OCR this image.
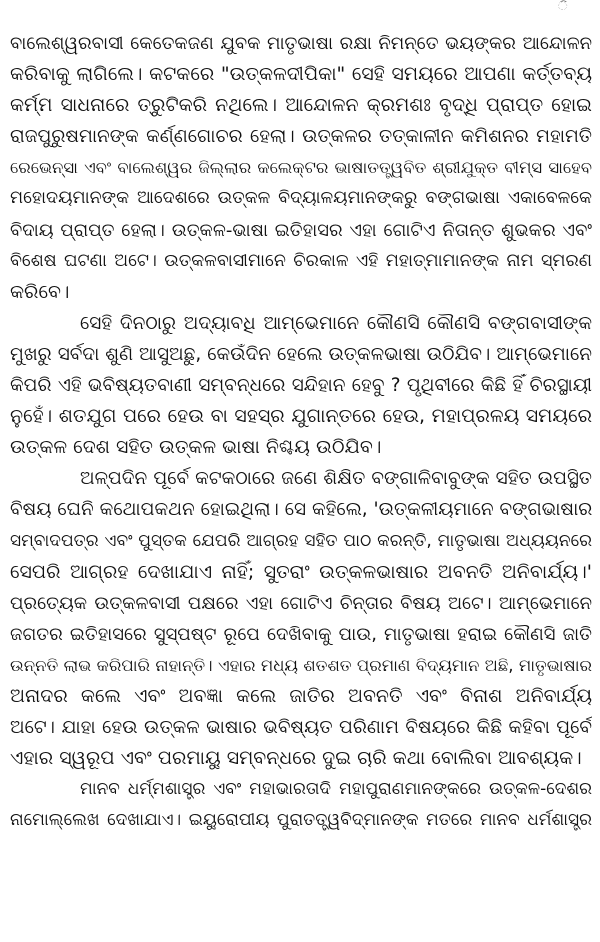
ି
ବାଲେଶ୍ୱରବାସୀ କେତେକଜଣ ଯୁବକ ମାତୃଭାଷା ରକ୍ଷା ନିମନ୍ତେ ଭୟଙ୍କର ଆନ୍ଦୋଳନ
କରିବାକୁ ଲାଗିଲେ। କଟକରେ "ଉତ୍କଳଦୀପିକା" ସେହି ସମୟରେ ଆପଣା କର୍ତ୍ତବ୍ୟ
କର୍ମ୍ମ ସାଧନାରେ ତ୍ରୁଟିକରି ନଥିଲେ। ଆନ୍ଦୋଳନ କ୍ରମଶଃ ବୃଦ୍ଧି ପ୍ରାପ୍ତ ହୋଇ
ରାଜପୁରୁଷମାନଙ୍କ କର୍ଣ୍ଣଗୋଚର ହେଲା। ଉତ୍କଳର ତତ୍କାଳୀନ କମିଶନର ମହାମତି
ରେଭେନ୍ସା ଏବଂ ବାଲେଶ୍ୱର ଜିଲ୍ଲାର କଲେକ୍ଟର ଭାଷାତତ୍ତ୍ୱବିତ ଶ୍ରୀଯୁକ୍ତ ବୀମ୍‌ସ ସାହେବ
ମହୋଦୟମାନଙ୍କ ଆଦେଶରେ ଉତ୍କଳ ବିଦ୍ୟାଳୟମାନଙ୍କରୁ ବଙ୍ଗଭାଷା ଏକାବେଳକେ
ବିଦାୟ ପ୍ରାପ୍ତ ହେଲା। ଉତ୍କଳ-ଭାଷା ଇତିହାସର ଏହା ଗୋଟିଏ ନିତାନ୍ତ ଶୁଭକର ଏବଂ
ବିଶେଷ ଘଟଣା ଅଟେ। ଉତ୍କଳବାସୀମାନେ ଚିରକାଳ ଏହି ମହାତ୍ମାମାନଙ୍କ ନାମ ସ୍ମରଣ
କରିବେ।
ସେହି ଦିନଠାରୁ ଅଦ୍ୟାବଧି ଆମ୍ଭେମାନେ କୌଣସି କୌଣସି ବଙ୍ଗବାସୀଙ୍କ
ମୁଖରୁ ସର୍ବଦା ଶୁଣି ଆସୁଅଛୁ, କେଉଁଦିନ ହେଲେ ଉତ୍କଳଭାଷା ଉଠିଯିବ। ଆମ୍ଭେମାନେ
କିପରି ଏହି ଭବିଷ୍ୟତବାଣୀ ସମ୍ବନ୍ଧରେ ସନ୍ଦିହାନ ହେବୁ ? ପୃଥିବୀରେ କିଛି ହିଁ ଚିରସ୍ଥାୟୀ
ନୁହେଁ। ଶତଯୁଗ ପରେ ହେଉ ବା ସହସ୍ର ଯୁଗାନ୍ତରେ ହେଉ, ମହାପ୍ରଳୟ ସମୟରେ
ଉତ୍କଳ ଦେଶ ସହିତ ଉତ୍କଳ ଭାଷା ନିଶ୍ଚୟ ଉଠିଯିବ।
ଅଳ୍ପଦିନ ପୂର୍ବେ କଟକଠାରେ ଜଣେ ଶିକ୍ଷିତ ବଙ୍ଗାଳିବାବୁଙ୍କ ସହିତ ଉପସ୍ଥିତ
ବିଷୟ ଘେନି କଥୋପକଥନ ହୋଇଥିଲା। ସେ କହିଲେ, 'ଉତ୍କଳୀୟମାନେ ବଙ୍ଗଭାଷାର
ସମ୍ବାଦପତ୍ର ଏବଂ ପୁସ୍ତକ ଯେପରି ଆଗ୍ରହ ସହିତ ପାଠ କରନ୍ତି, ମାତୃଭାଷା ଅଧ୍ୟୟନରେ
ସେପରି ଆଗ୍ରହ ଦେଖାଯାଏ ନାହିଁ; ସୁତରାଂ ଉତ୍କଳଭାଷାର ଅବନତି ଅନିବାର୍ଯ୍ୟ।'
ପ୍ରତ୍ୟେକ ଉତ୍କଳବାସୀ ପକ୍ଷରେ ଏହା ଗୋଟିଏ ଚିନ୍ତାର ବିଷୟ ଅଟେ। ଆମ୍ଭେମାନେ
ଜଗତର ଇତିହାସରେ ସୁସ୍ପଷ୍ଟ ରୂପେ ଦେଖିବାକୁ ପାଉ, ମାତୃଭାଷା ହରାଇ କୌଣସି ଜାତି
ଉନ୍ନତି ଲାଭ କରିପାରି ନାହାନ୍ତି। ଏହାର ମଧ୍ୟ ଶତଶତ ପ୍ରମାଣ ବିଦ୍ୟମାନ ଅଛି, ମାତୃଭାଷାର
ଅନାଦର କଲେ ଏବଂ ଅବଜ୍ଞା କଲେ ଜାତିର ଅବନତି ଏବଂ ବିନାଶ ଅନିବାର୍ଯ୍ୟ
ଅଟେ। ଯାହା ହେଉ ଉତ୍କଳ ଭାଷାର ଭବିଷ୍ୟତ ପରିଣାମ ବିଷୟରେ କିଛି କହିବା ପୂର୍ବେ
ଏହାର ସ୍ୱରୂପ ଏବଂ ପରମାୟୁ ସମ୍ବନ୍ଧରେ ଦୁଇ ଚାରି କଥା ବୋଲିବା ଆବଶ୍ୟକ।
ମାନବ ଧର୍ମ୍ମଶାସ୍ତ୍ର ଏବଂ ମହାଭାରତାଦି ମହାପୁରାଣମାନଙ୍କରେ ଉତ୍କଳ-ଦେଶର
ନାମୋଲ୍ଲେଖ ଦେଖାଯାଏ। ଇୟୁରୋପୀୟ ପୁରାତତ୍ତ୍ୱବିଦ୍‌ମାନଙ୍କ ମତରେ ମାନବ ଧର୍ମଶାସ୍ତ୍ର
